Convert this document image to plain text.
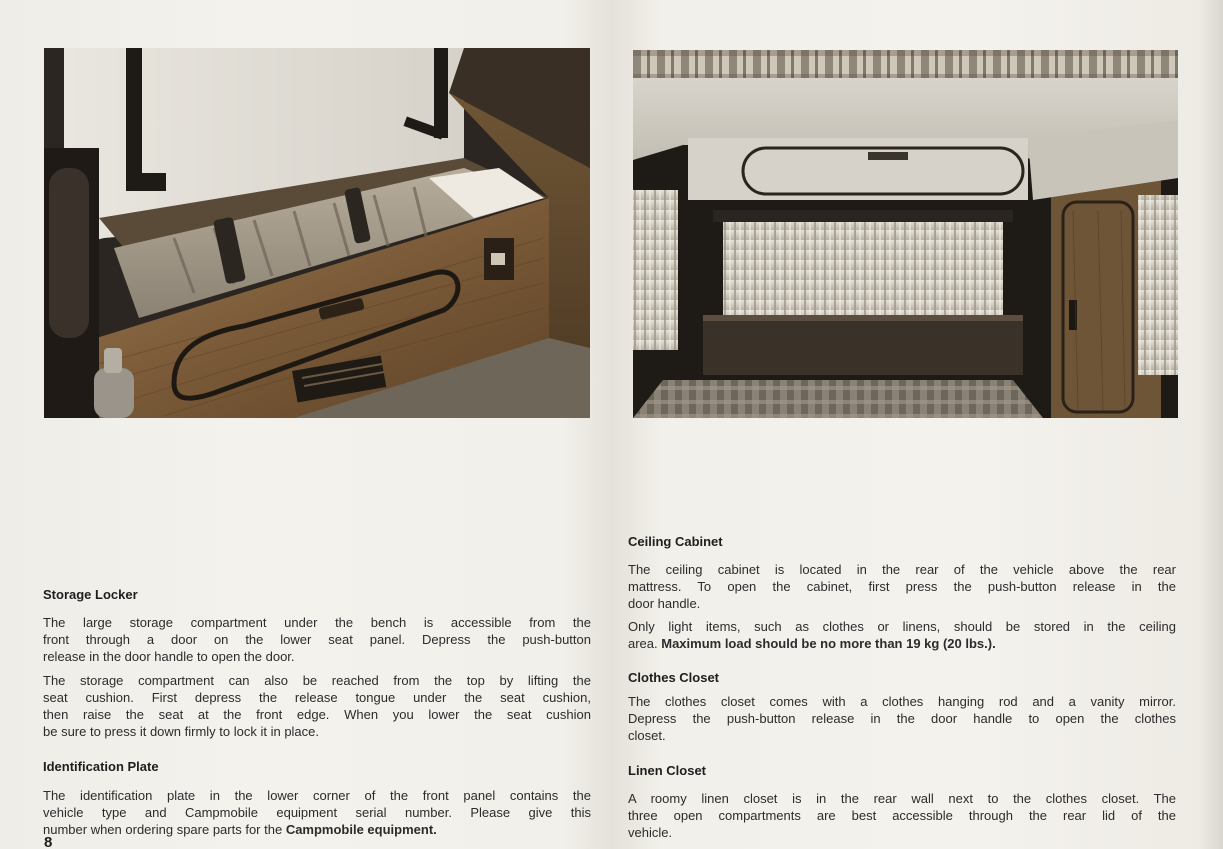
Storage Locker
The large storage compartment under the bench is accessible from the
front through a door on the lower seat panel. Depress the push-button
release in the door handle to open the door.
The storage compartment can also be reached from the top by lifting the
seat cushion. First depress the release tongue under the seat cushion,
then raise the seat at the front edge. When you lower the seat cushion
be sure to press it down firmly to lock it in place.
Identification Plate
The identification plate in the lower corner of the front panel contains the
vehicle type and Campmobile equipment serial number. Please give this
number when ordering spare parts for the Campmobile equipment.
8
Ceiling Cabinet
The ceiling cabinet is located in the rear of the vehicle above the rear
mattress. To open the cabinet, first press the push-button release in the
door handle.
Only light items, such as clothes or linens, should be stored in the ceiling
area. Maximum load should be no more than 19 kg (20 lbs.).
Clothes Closet
The clothes closet comes with a clothes hanging rod and a vanity mirror.
Depress the push-button release in the door handle to open the clothes
closet.
Linen Closet
A roomy linen closet is in the rear wall next to the clothes closet. The
three open compartments are best accessible through the rear lid of the
vehicle.
